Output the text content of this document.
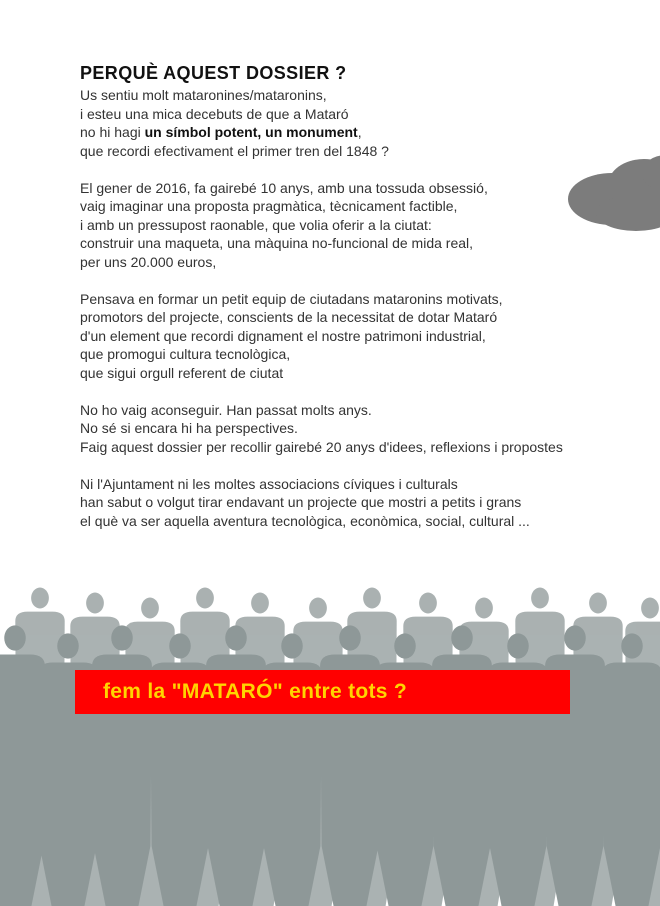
PERQUÈ AQUEST DOSSIER ?
Us sentiu molt mataronines/mataronins,
i esteu una mica decebuts de que a Mataró
no hi hagi un símbol potent, un monument,
que recordi efectivament el primer tren del 1848 ?
El gener de 2016, fa gairebé 10 anys, amb una tossuda obsessió,
vaig imaginar una proposta pragmàtica, tècnicament factible,
i amb un pressupost raonable, que volia oferir a la ciutat:
construir una maqueta, una màquina no-funcional de mida real,
per uns 20.000 euros,
Pensava en formar un petit equip de ciutadans mataronins motivats,
promotors del projecte, conscients de la necessitat de dotar Mataró
d'un element que recordi dignament el nostre patrimoni industrial,
que promogui cultura tecnològica,
que sigui orgull referent de ciutat
No ho vaig aconseguir. Han passat molts anys.
No sé si encara hi ha perspectives.
Faig aquest dossier per recollir gairebé 20 anys d'idees, reflexions i propostes
Ni l'Ajuntament ni les moltes associacions cíviques i culturals
han sabut o volgut tirar endavant un projecte que mostri a petits i grans
el què va ser aquella aventura tecnològica, econòmica, social, cultural ...
fem la "MATARÓ" entre tots ?
